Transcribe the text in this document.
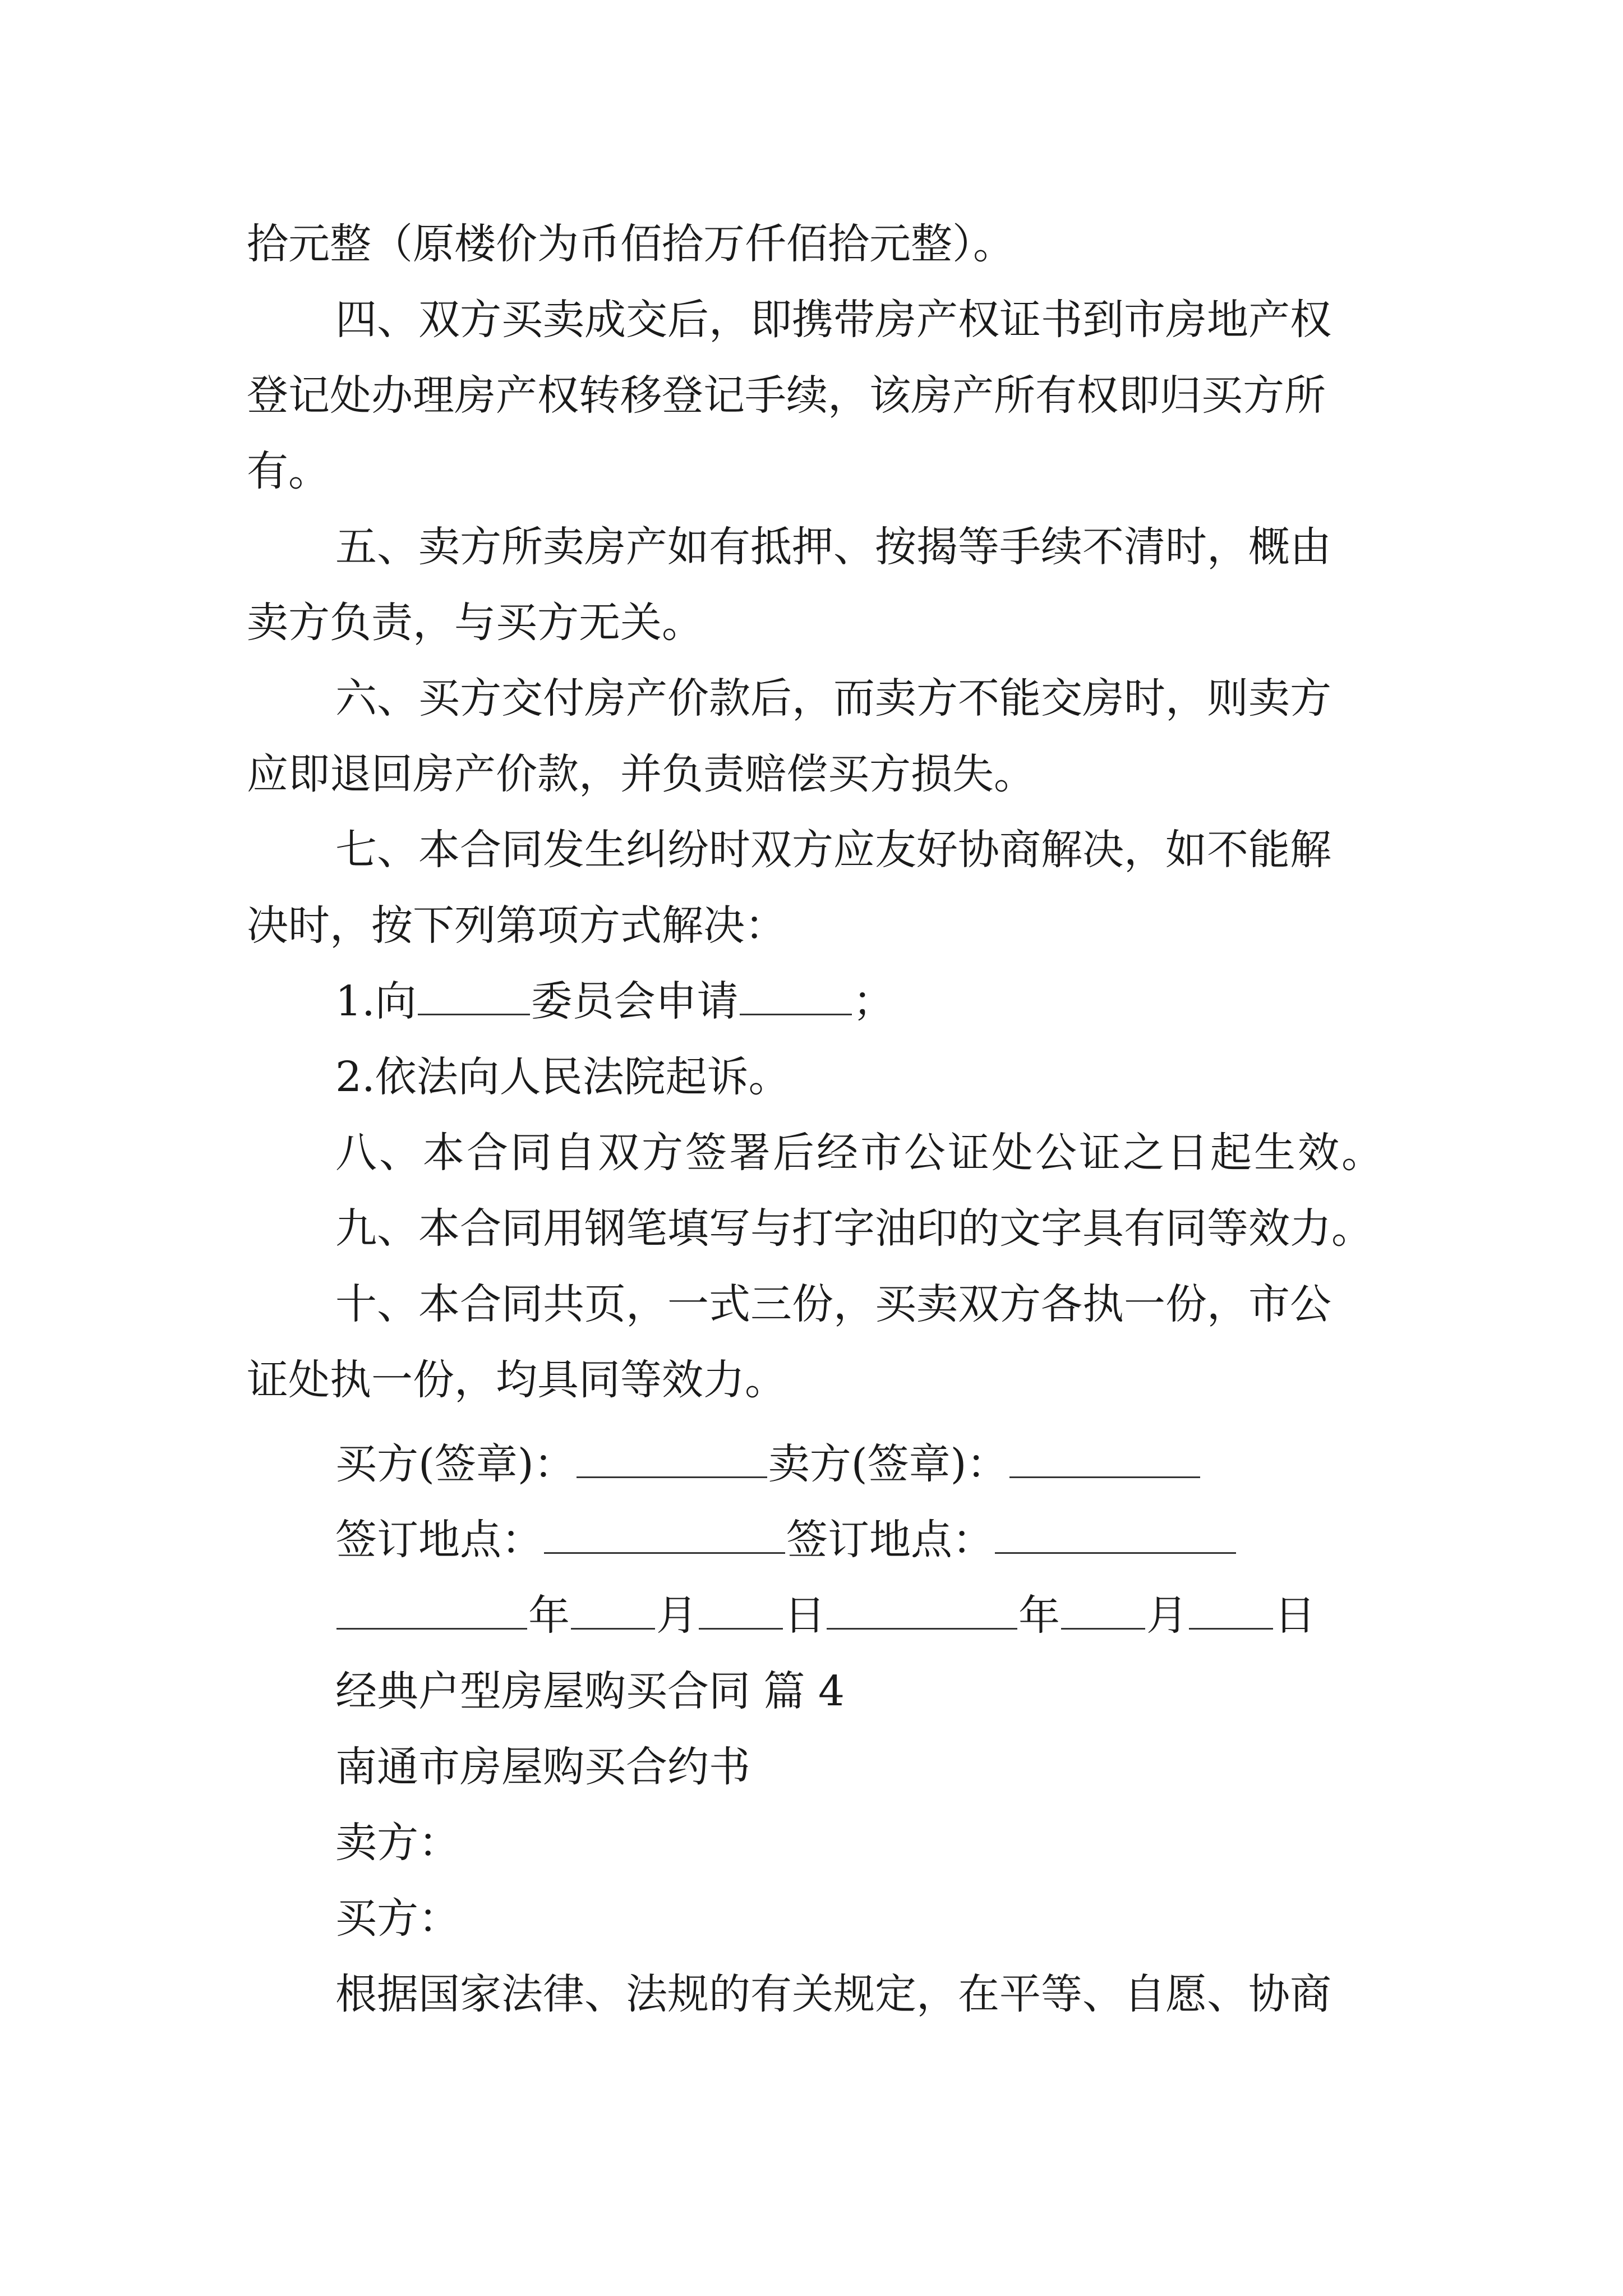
拾元整（原楼价为币佰拾万仟佰拾元整）。
四、双方买卖成交后，即携带房产权证书到市房地产权
登记处办理房产权转移登记手续，该房产所有权即归买方所
有。
五、卖方所卖房产如有抵押、按揭等手续不清时，概由
卖方负责，与买方无关。
六、买方交付房产价款后，而卖方不能交房时，则卖方
应即退回房产价款，并负责赔偿买方损失。
七、本合同发生纠纷时双方应友好协商解决，如不能解
决时，按下列第项方式解决：
1.向	委员会申请	；
2.依法向人民法院起诉。
八、本合同自双方签署后经市公证处公证之日起生效。
九、本合同用钢笔填写与打字油印的文字具有同等效力。
十、本合同共页，一式三份，买卖双方各执一份，市公
证处执一份，均具同等效力。
买方(签章)：	卖方(签章)：
签订地点：	签订地点：
年 月 日	年 月 日
经典户型房屋购买合同 篇 4
南通市房屋购买合约书
卖方：
买方：
根据国家法律、法规的有关规定，在平等、自愿、协商
